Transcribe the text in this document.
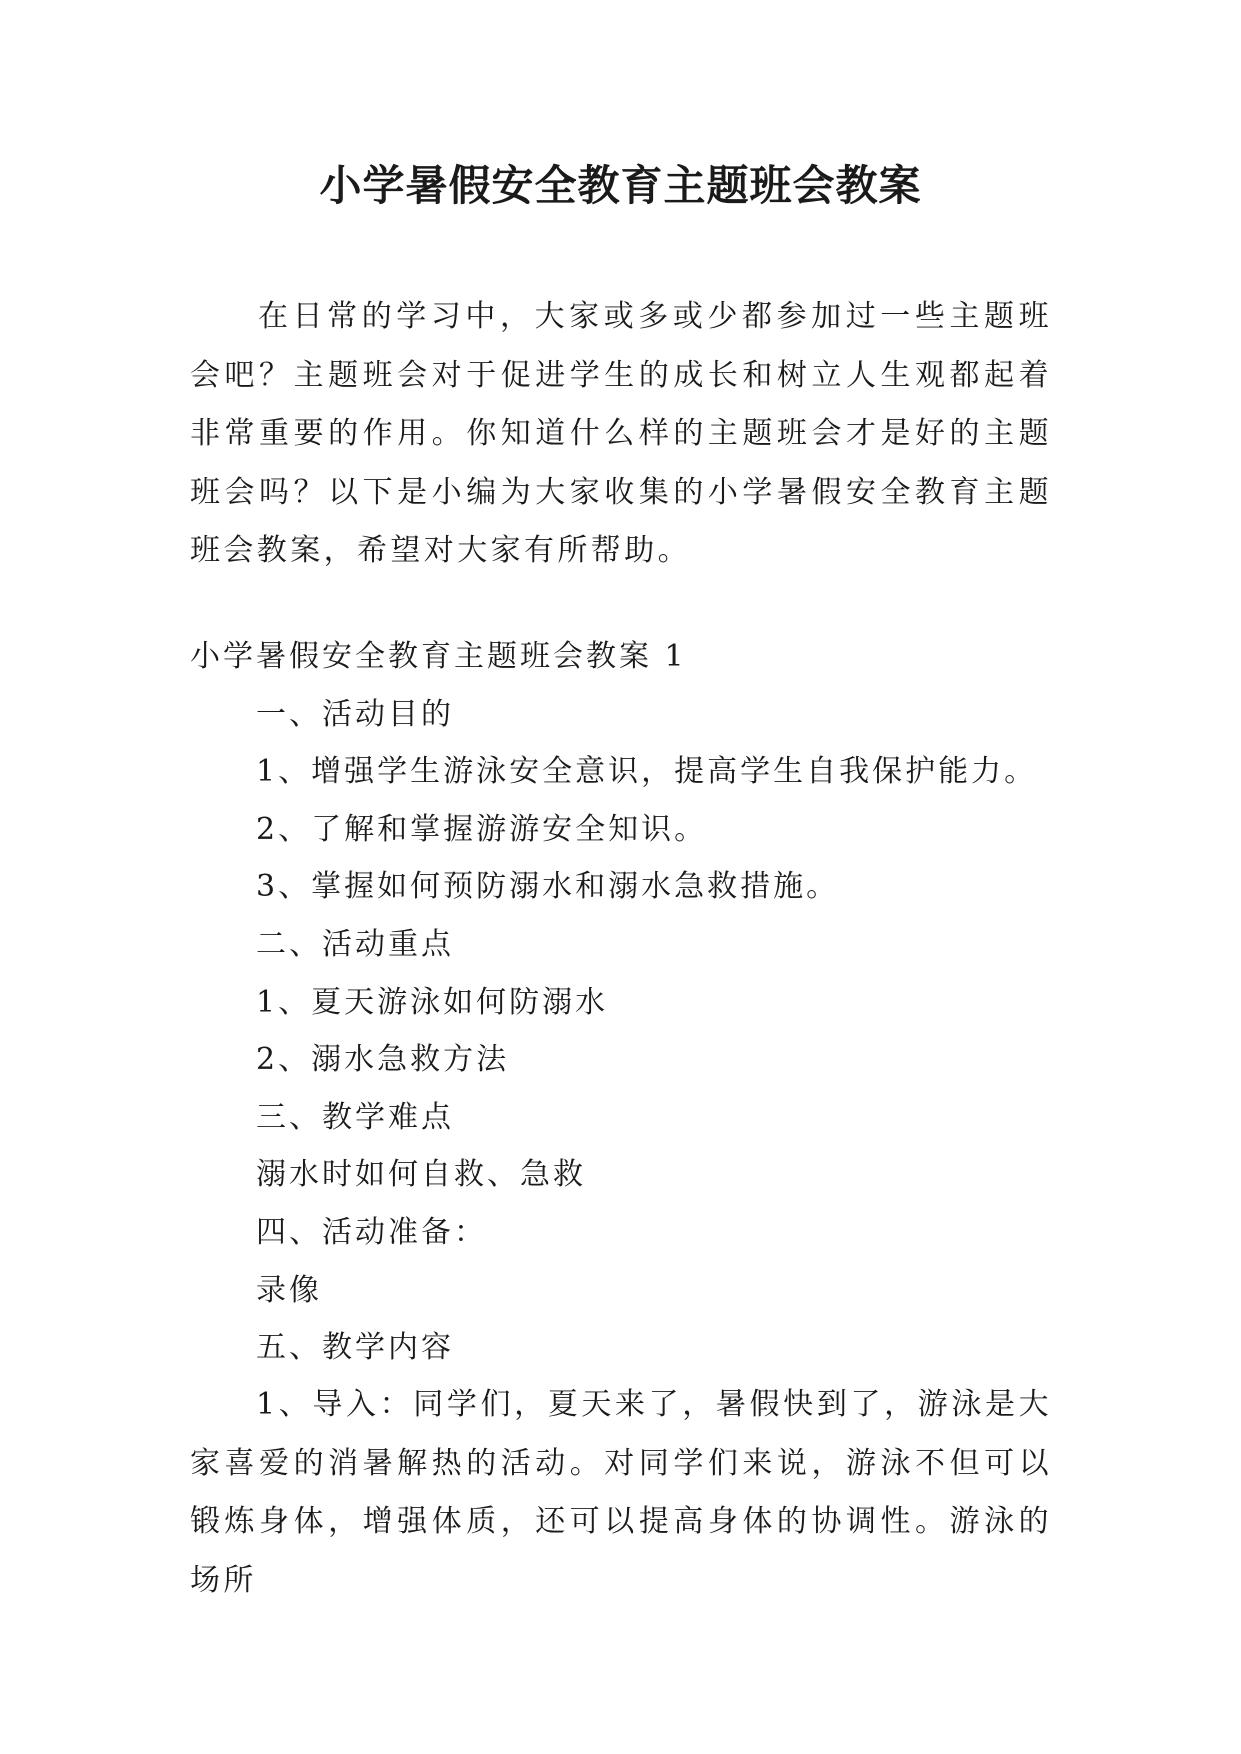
小学暑假安全教育主题班会教案
在日常的学习中，大家或多或少都参加过一些主题班会吧？主题班会对于促进学生的成长和树立人生观都起着非常重要的作用。你知道什么样的主题班会才是好的主题班会吗？以下是小编为大家收集的小学暑假安全教育主题班会教案，希望对大家有所帮助。
小学暑假安全教育主题班会教案 1
一、活动目的
1、增强学生游泳安全意识，提高学生自我保护能力。
2、了解和掌握游游安全知识。
3、掌握如何预防溺水和溺水急救措施。
二、活动重点
1、夏天游泳如何防溺水
2、溺水急救方法
三、教学难点
溺水时如何自救、急救
四、活动准备：
录像
五、教学内容
1、导入：同学们，夏天来了，暑假快到了，游泳是大家喜爱的消暑解热的活动。对同学们来说，游泳不但可以锻炼身体，增强体质，还可以提高身体的协调性。游泳的场所
